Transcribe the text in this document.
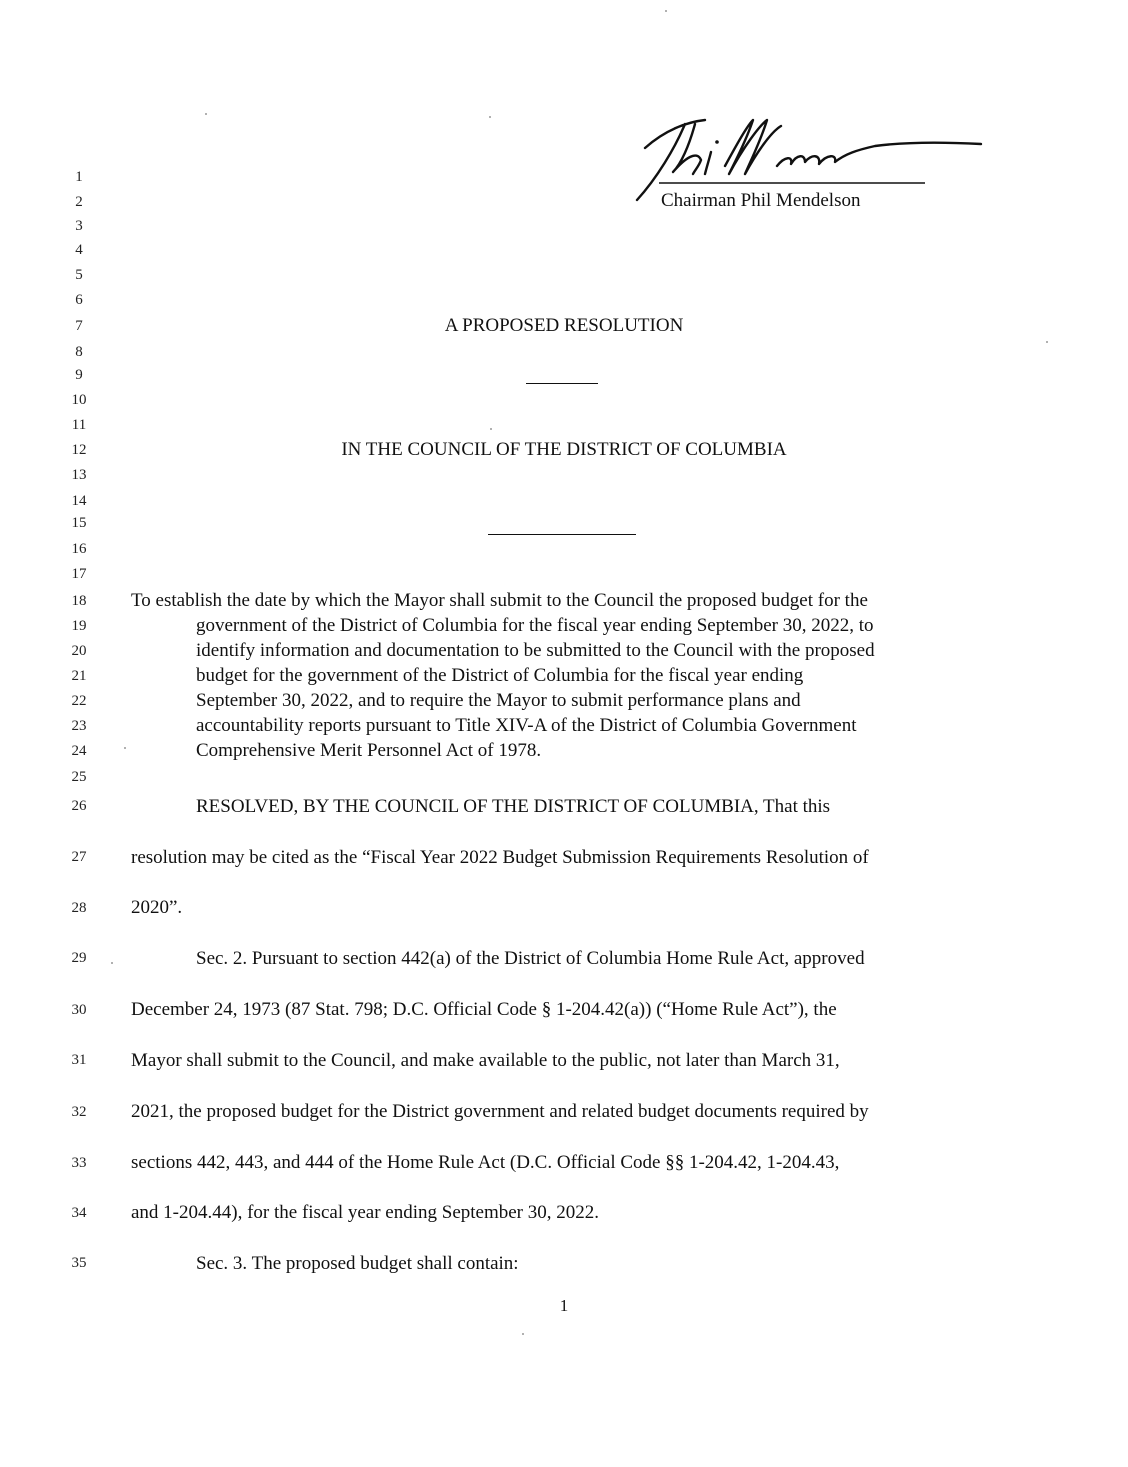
Chairman Phil Mendelson
1
2
3
4
5
6
7
8
9
10
11
12
13
14
15
16
17
18
19
20
21
22
23
24
25
26
27
28
29
30
31
32
33
34
35
A PROPOSED RESOLUTION
IN THE COUNCIL OF THE DISTRICT OF COLUMBIA
To establish the date by which the Mayor shall submit to the Council the proposed budget for the
government of the District of Columbia for the fiscal year ending September 30, 2022, to
identify information and documentation to be submitted to the Council with the proposed
budget for the government of the District of Columbia for the fiscal year ending
September 30, 2022, and to require the Mayor to submit performance plans and
accountability reports pursuant to Title XIV-A of the District of Columbia Government
Comprehensive Merit Personnel Act of 1978.
RESOLVED, BY THE COUNCIL OF THE DISTRICT OF COLUMBIA, That this
resolution may be cited as the “Fiscal Year 2022 Budget Submission Requirements Resolution of
2020”.
Sec. 2. Pursuant to section 442(a) of the District of Columbia Home Rule Act, approved
December 24, 1973 (87 Stat. 798; D.C. Official Code § 1-204.42(a)) (“Home Rule Act”), the
Mayor shall submit to the Council, and make available to the public, not later than March 31,
2021, the proposed budget for the District government and related budget documents required by
sections 442, 443, and 444 of the Home Rule Act (D.C. Official Code §§ 1-204.42, 1-204.43,
and 1-204.44), for the fiscal year ending September 30, 2022.
Sec. 3. The proposed budget shall contain:
1
